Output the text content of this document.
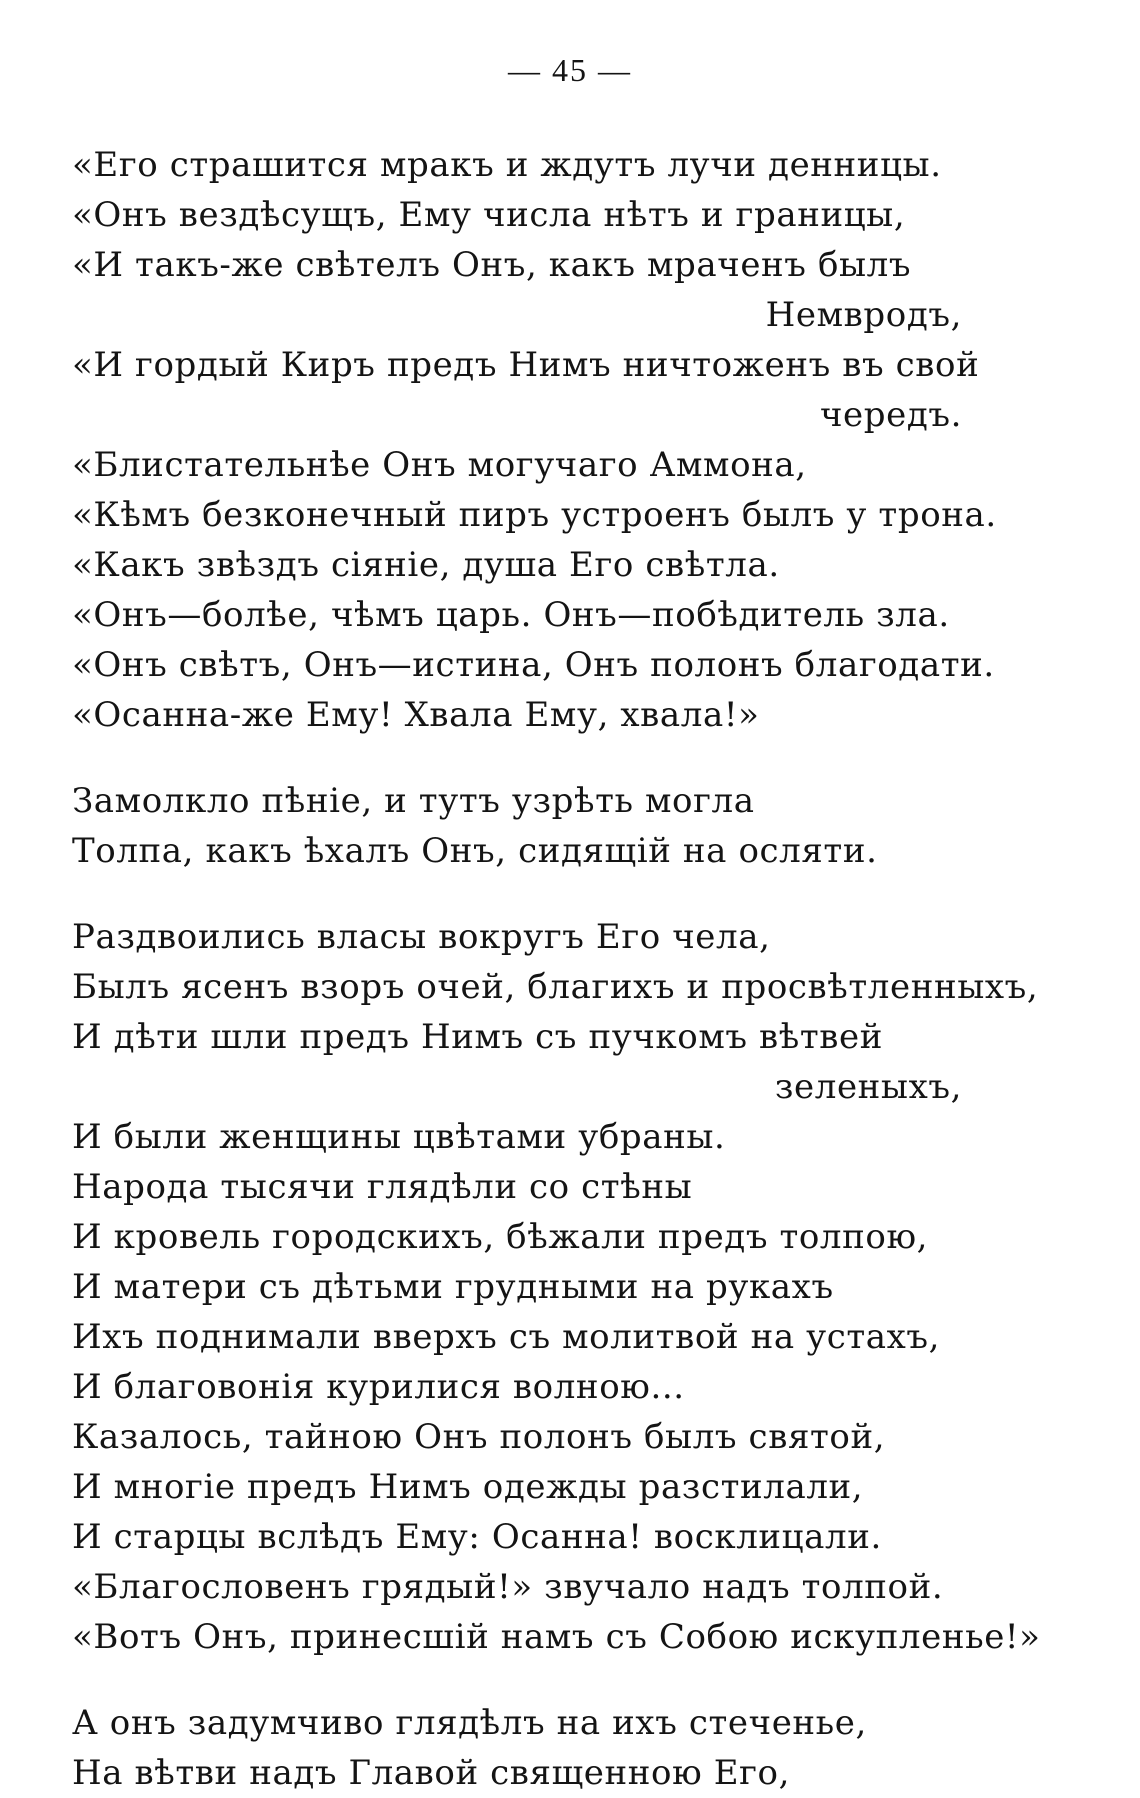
— 45 —
«Его страшится мракъ и ждутъ лучи денницы.
«Онъ вездѣсущъ, Ему числа нѣтъ и границы,
«И такъ-же свѣтелъ Онъ, какъ мраченъ былъ
Немвродъ,
«И гордый Киръ предъ Нимъ ничтоженъ въ свой
чередъ.
«Блистательнѣе Онъ могучаго Аммона,
«Кѣмъ безконечный пиръ устроенъ былъ у трона.
«Какъ звѣздъ сіяніе, душа Его свѣтла.
«Онъ—болѣе, чѣмъ царь. Онъ—побѣдитель зла.
«Онъ свѣтъ, Онъ—истина, Онъ полонъ благодати.
«Осанна-же Ему! Хвала Ему, хвала!»
Замолкло пѣніе, и тутъ узрѣть могла
Толпа, какъ ѣхалъ Онъ, сидящій на осляти.
Раздвоились власы вокругъ Его чела,
Былъ ясенъ взоръ очей, благихъ и просвѣтленныхъ,
И дѣти шли предъ Нимъ съ пучкомъ вѣтвей
зеленыхъ,
И были женщины цвѣтами убраны.
Народа тысячи глядѣли со стѣны
И кровель городскихъ, бѣжали предъ толпою,
И матери съ дѣтьми грудными на рукахъ
Ихъ поднимали вверхъ съ молитвой на устахъ,
И благовонія курилися волною...
Казалось, тайною Онъ полонъ былъ святой,
И многіе предъ Нимъ одежды разстилали,
И старцы вслѣдъ Ему: Осанна! восклицали.
«Благословенъ грядый!» звучало надъ толпой.
«Вотъ Онъ, принесшій намъ съ Собою искупленье!»
А онъ задумчиво глядѣлъ на ихъ стеченье,
На вѣтви надъ Главой священною Его,
